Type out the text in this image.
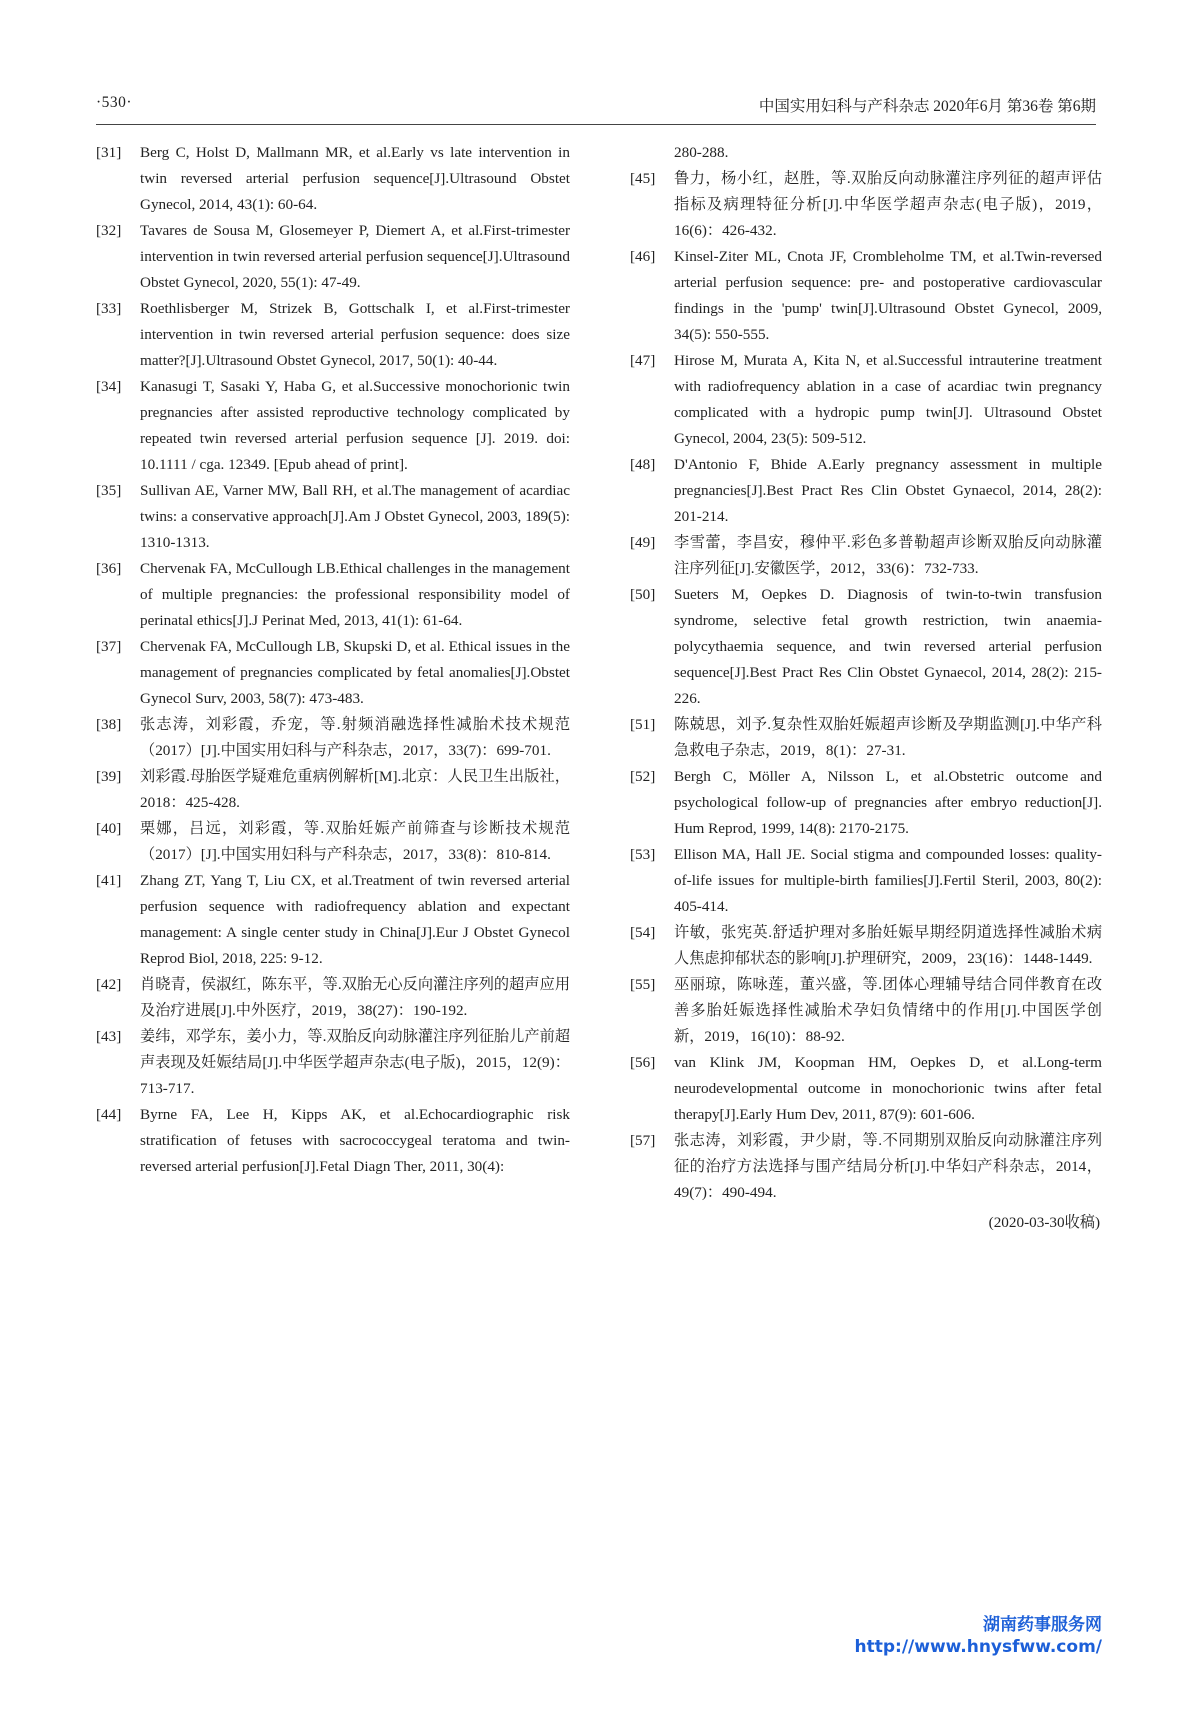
·530·	中国实用妇科与产科杂志 2020年6月 第36卷 第6期
[31]	Berg C, Holst D, Mallmann MR, et al.Early vs late intervention in twin reversed arterial perfusion sequence[J].Ultrasound Obstet Gynecol, 2014, 43(1): 60-64.
[32]	Tavares de Sousa M, Glosemeyer P, Diemert A, et al.First-trimester intervention in twin reversed arterial perfusion sequence[J].Ultrasound Obstet Gynecol, 2020, 55(1): 47-49.
[33]	Roethlisberger M, Strizek B, Gottschalk I, et al.First-trimester intervention in twin reversed arterial perfusion sequence: does size matter?[J].Ultrasound Obstet Gynecol, 2017, 50(1): 40-44.
[34]	Kanasugi T, Sasaki Y, Haba G, et al.Successive monochorionic twin pregnancies after assisted reproductive technology complicated by repeated twin reversed arterial perfusion sequence [J]. 2019. doi: 10.1111 / cga. 12349. [Epub ahead of print].
[35]	Sullivan AE, Varner MW, Ball RH, et al.The management of acardiac twins: a conservative approach[J].Am J Obstet Gynecol, 2003, 189(5): 1310-1313.
[36]	Chervenak FA, McCullough LB.Ethical challenges in the management of multiple pregnancies: the professional responsibility model of perinatal ethics[J].J Perinat Med, 2013, 41(1): 61-64.
[37]	Chervenak FA, McCullough LB, Skupski D, et al. Ethical issues in the management of pregnancies complicated by fetal anomalies[J].Obstet Gynecol Surv, 2003, 58(7): 473-483.
[38]	张志涛，刘彩霞，乔宠，等.射频消融选择性减胎术技术规范（2017）[J].中国实用妇科与产科杂志，2017，33(7)：699-701.
[39]	刘彩霞.母胎医学疑难危重病例解析[M].北京：人民卫生出版社，2018：425-428.
[40]	栗娜，吕远，刘彩霞，等.双胎妊娠产前筛查与诊断技术规范（2017）[J].中国实用妇科与产科杂志，2017，33(8)：810-814.
[41]	Zhang ZT, Yang T, Liu CX, et al.Treatment of twin reversed arterial perfusion sequence with radiofrequency ablation and expectant management: A single center study in China[J].Eur J Obstet Gynecol Reprod Biol, 2018, 225: 9-12.
[42]	肖晓青，侯淑红，陈东平，等.双胎无心反向灌注序列的超声应用及治疗进展[J].中外医疗，2019，38(27)：190-192.
[43]	姜纬，邓学东，姜小力，等.双胎反向动脉灌注序列征胎儿产前超声表现及妊娠结局[J].中华医学超声杂志(电子版)，2015，12(9)：713-717.
[44]	Byrne FA, Lee H, Kipps AK, et al.Echocardiographic risk stratification of fetuses with sacrococcygeal teratoma and twin-reversed arterial perfusion[J].Fetal Diagn Ther, 2011, 30(4):
280-288.
[45]	鲁力，杨小红，赵胜，等.双胎反向动脉灌注序列征的超声评估指标及病理特征分析[J].中华医学超声杂志(电子版)，2019，16(6)：426-432.
[46]	Kinsel-Ziter ML, Cnota JF, Crombleholme TM, et al.Twin-reversed arterial perfusion sequence: pre- and postoperative cardiovascular findings in the 'pump' twin[J].Ultrasound Obstet Gynecol, 2009, 34(5): 550-555.
[47]	Hirose M, Murata A, Kita N, et al.Successful intrauterine treatment with radiofrequency ablation in a case of acardiac twin pregnancy complicated with a hydropic pump twin[J]. Ultrasound Obstet Gynecol, 2004, 23(5): 509-512.
[48]	D'Antonio F, Bhide A.Early pregnancy assessment in multiple pregnancies[J].Best Pract Res Clin Obstet Gynaecol, 2014, 28(2): 201-214.
[49]	李雪蕾，李昌安，穆仲平.彩色多普勒超声诊断双胎反向动脉灌注序列征[J].安徽医学，2012，33(6)：732-733.
[50]	Sueters M, Oepkes D. Diagnosis of twin-to-twin transfusion syndrome, selective fetal growth restriction, twin anaemia-polycythaemia sequence, and twin reversed arterial perfusion sequence[J].Best Pract Res Clin Obstet Gynaecol, 2014, 28(2): 215-226.
[51]	陈兢思，刘予.复杂性双胎妊娠超声诊断及孕期监测[J].中华产科急救电子杂志，2019，8(1)：27-31.
[52]	Bergh C, Möller A, Nilsson L, et al.Obstetric outcome and psychological follow-up of pregnancies after embryo reduction[J]. Hum Reprod, 1999, 14(8): 2170-2175.
[53]	Ellison MA, Hall JE. Social stigma and compounded losses: quality-of-life issues for multiple-birth families[J].Fertil Steril, 2003, 80(2): 405-414.
[54]	许敏，张宪英.舒适护理对多胎妊娠早期经阴道选择性减胎术病人焦虑抑郁状态的影响[J].护理研究，2009，23(16)：1448-1449.
[55]	巫丽琼，陈咏莲，董兴盛，等.团体心理辅导结合同伴教育在改善多胎妊娠选择性减胎术孕妇负情绪中的作用[J].中国医学创新，2019，16(10)：88-92.
[56]	van Klink JM, Koopman HM, Oepkes D, et al.Long-term neurodevelopmental outcome in monochorionic twins after fetal therapy[J].Early Hum Dev, 2011, 87(9): 601-606.
[57]	张志涛，刘彩霞，尹少尉，等.不同期别双胎反向动脉灌注序列征的治疗方法选择与围产结局分析[J].中华妇产科杂志，2014，49(7)：490-494.
(2020-03-30收稿)
湖南药事服务网
http://www.hnysfww.com/
